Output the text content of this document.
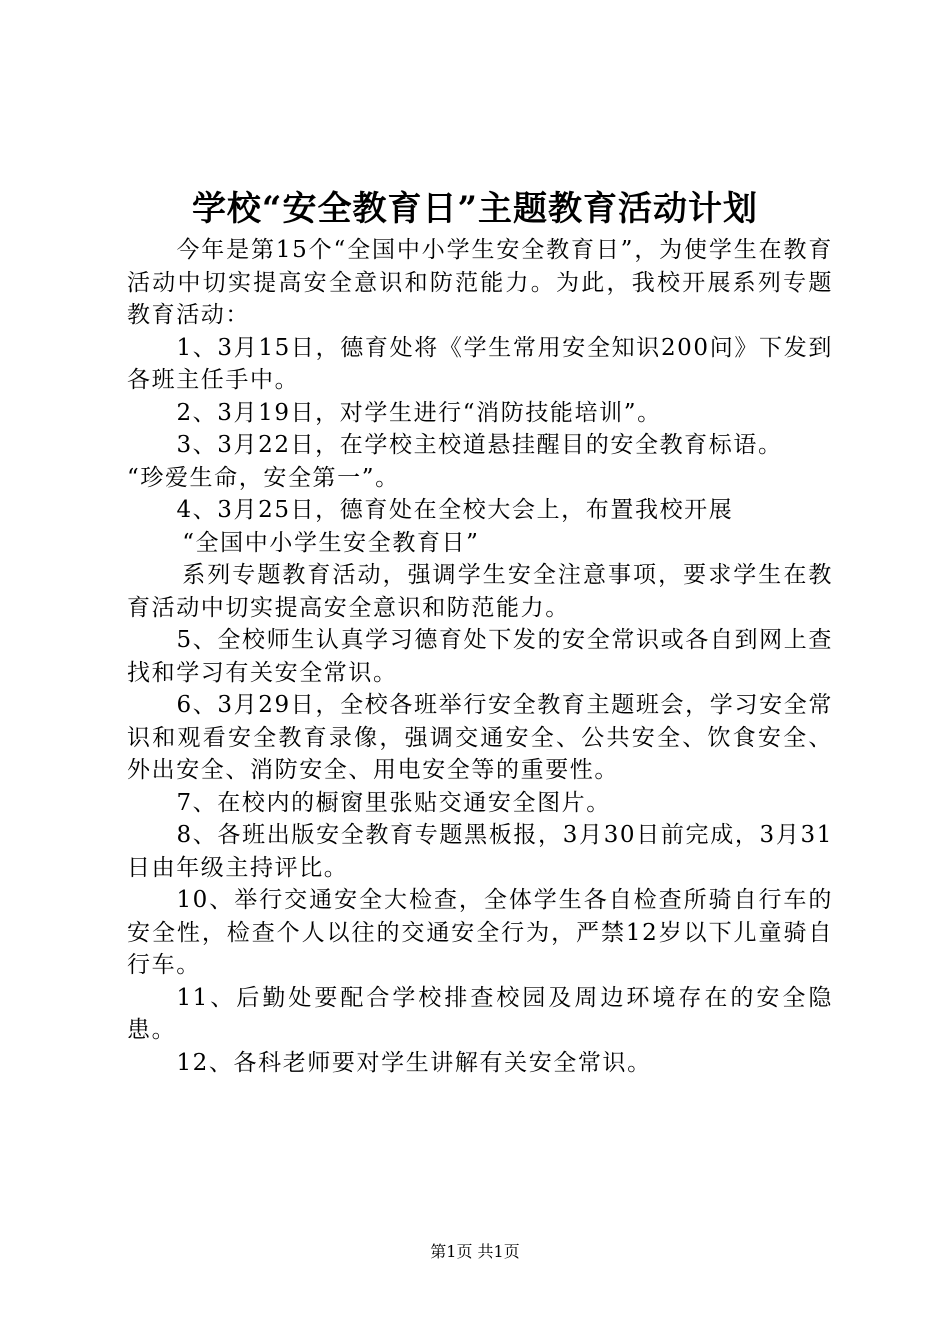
学校“安全教育日”主题教育活动计划

今年是第15个“全国中小学生安全教育日”，为使学生在教育活动中切实提高安全意识和防范能力。为此，我校开展系列专题教育活动：

1、3月15日，德育处将《学生常用安全知识200问》下发到各班主任手中。

2、3月19日，对学生进行“消防技能培训”。

3、3月22日，在学校主校道悬挂醒目的安全教育标语。

“珍爱生命，安全第一”。

4、3月25日，德育处在全校大会上，布置我校开展

“全国中小学生安全教育日”

系列专题教育活动，强调学生安全注意事项，要求学生在教育活动中切实提高安全意识和防范能力。

5、全校师生认真学习德育处下发的安全常识或各自到网上查找和学习有关安全常识。

6、3月29日，全校各班举行安全教育主题班会，学习安全常识和观看安全教育录像，强调交通安全、公共安全、饮食安全、外出安全、消防安全、用电安全等的重要性。

7、在校内的橱窗里张贴交通安全图片。

8、各班出版安全教育专题黑板报，3月30日前完成，3月31日由年级主持评比。

10、举行交通安全大检查，全体学生各自检查所骑自行车的安全性，检查个人以往的交通安全行为，严禁12岁以下儿童骑自行车。

11、后勤处要配合学校排查校园及周边环境存在的安全隐患。

12、各科老师要对学生讲解有关安全常识。

第1页 共1页
